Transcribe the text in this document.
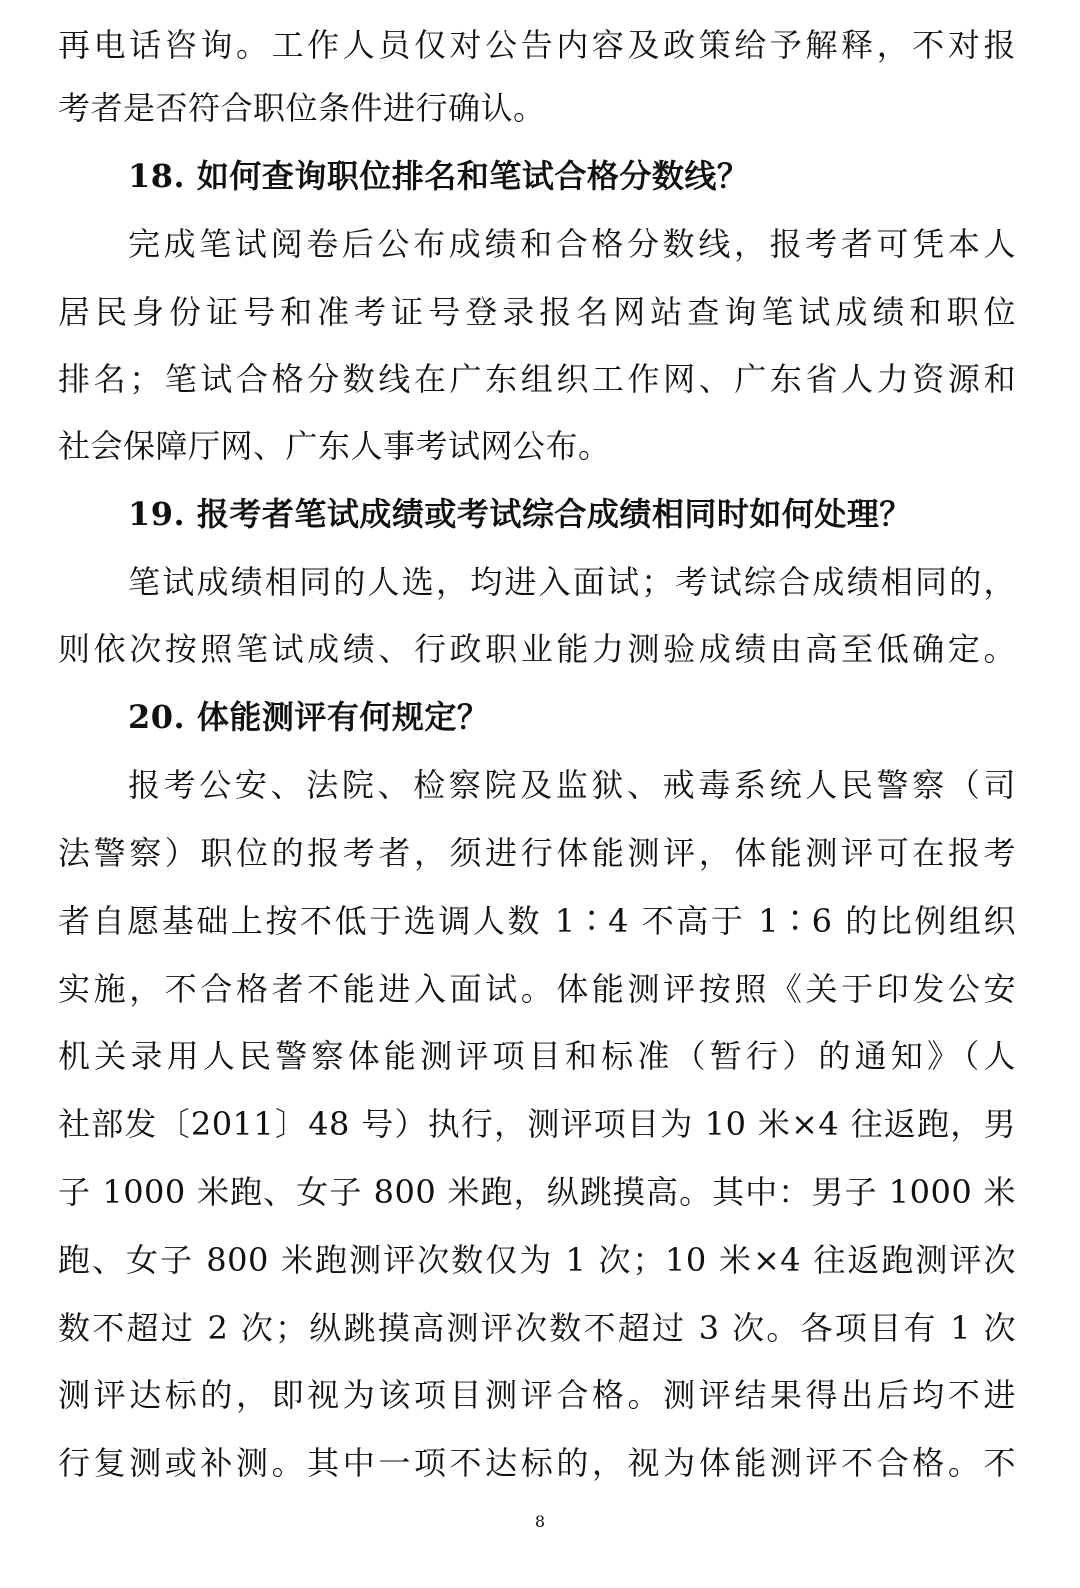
再电话咨询。工作人员仅对公告内容及政策给予解释，不对报
考者是否符合职位条件进行确认。
18. 如何查询职位排名和笔试合格分数线？
完成笔试阅卷后公布成绩和合格分数线，报考者可凭本人
居民身份证号和准考证号登录报名网站查询笔试成绩和职位
排名；笔试合格分数线在广东组织工作网、广东省人力资源和
社会保障厅网、广东人事考试网公布。
19. 报考者笔试成绩或考试综合成绩相同时如何处理？
笔试成绩相同的人选，均进入面试；考试综合成绩相同的，
则依次按照笔试成绩、行政职业能力测验成绩由高至低确定。
20. 体能测评有何规定？
报考公安、法院、检察院及监狱、戒毒系统人民警察（司
法警察）职位的报考者，须进行体能测评，体能测评可在报考
者自愿基础上按不低于选调人数 1∶4 不高于 1∶6 的比例组织
实施，不合格者不能进入面试。体能测评按照《关于印发公安
机关录用人民警察体能测评项目和标准（暂行）的通知》（人
社部发〔2011〕48 号）执行，测评项目为 10 米×4 往返跑，男
子 1000 米跑、女子 800 米跑，纵跳摸高。其中：男子 1000 米
跑、女子 800 米跑测评次数仅为 1 次；10 米×4 往返跑测评次
数不超过 2 次；纵跳摸高测评次数不超过 3 次。各项目有 1 次
测评达标的，即视为该项目测评合格。测评结果得出后均不进
行复测或补测。其中一项不达标的，视为体能测评不合格。不
8
